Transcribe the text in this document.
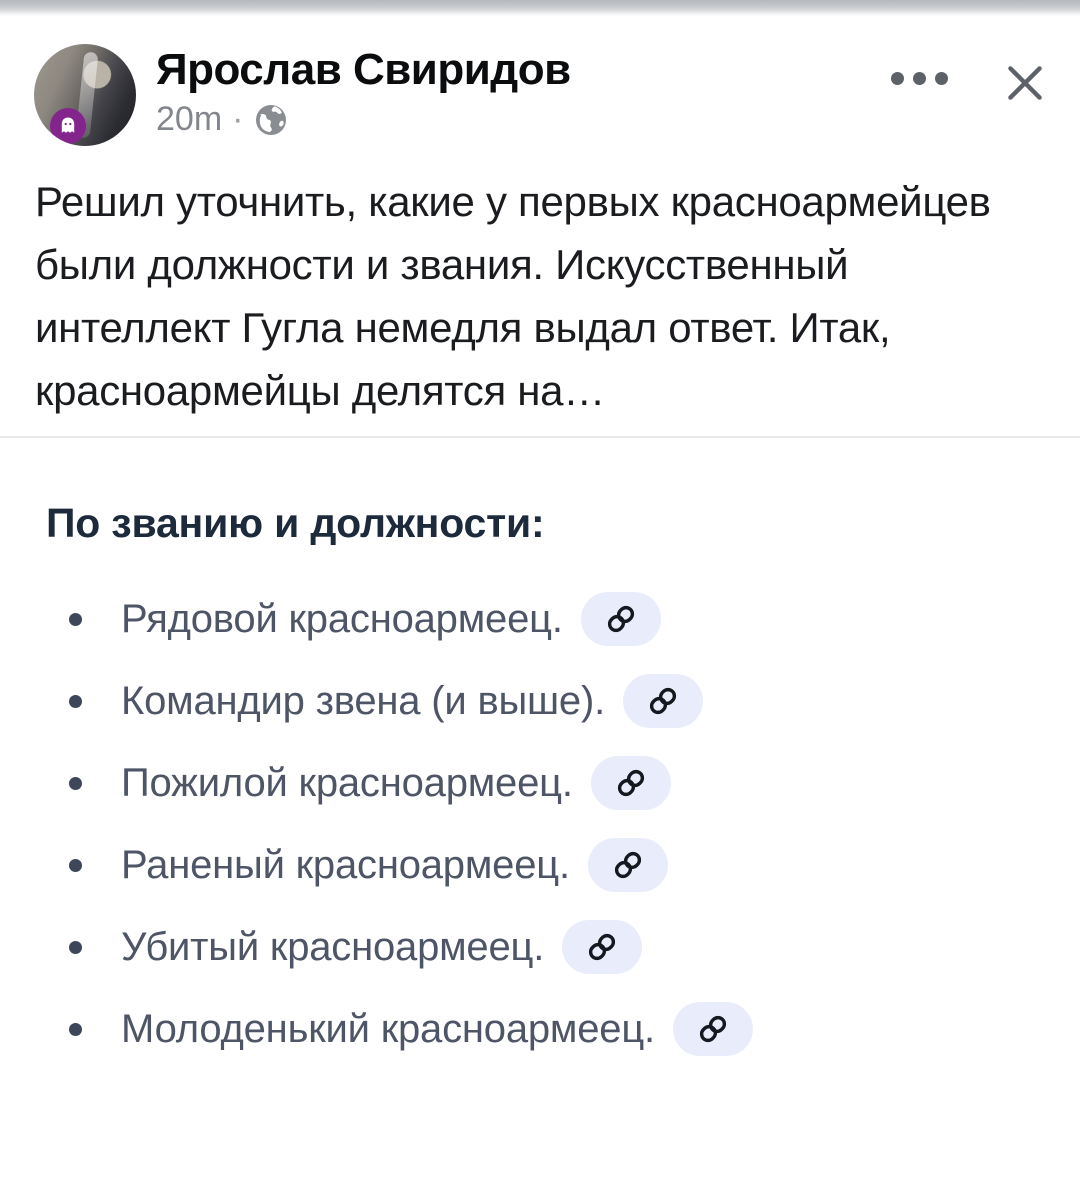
Ярослав Свиридов
20m ·
Решил уточнить, какие у первых красноармейцев были должности и звания. Искусственный интеллект Гугла немедля выдал ответ. Итак, красноармейцы делятся на…
По званию и должности:
Рядовой красноармеец.
Командир звена (и выше).
Пожилой красноармеец.
Раненый красноармеец.
Убитый красноармеец.
Молоденький красноармеец.
